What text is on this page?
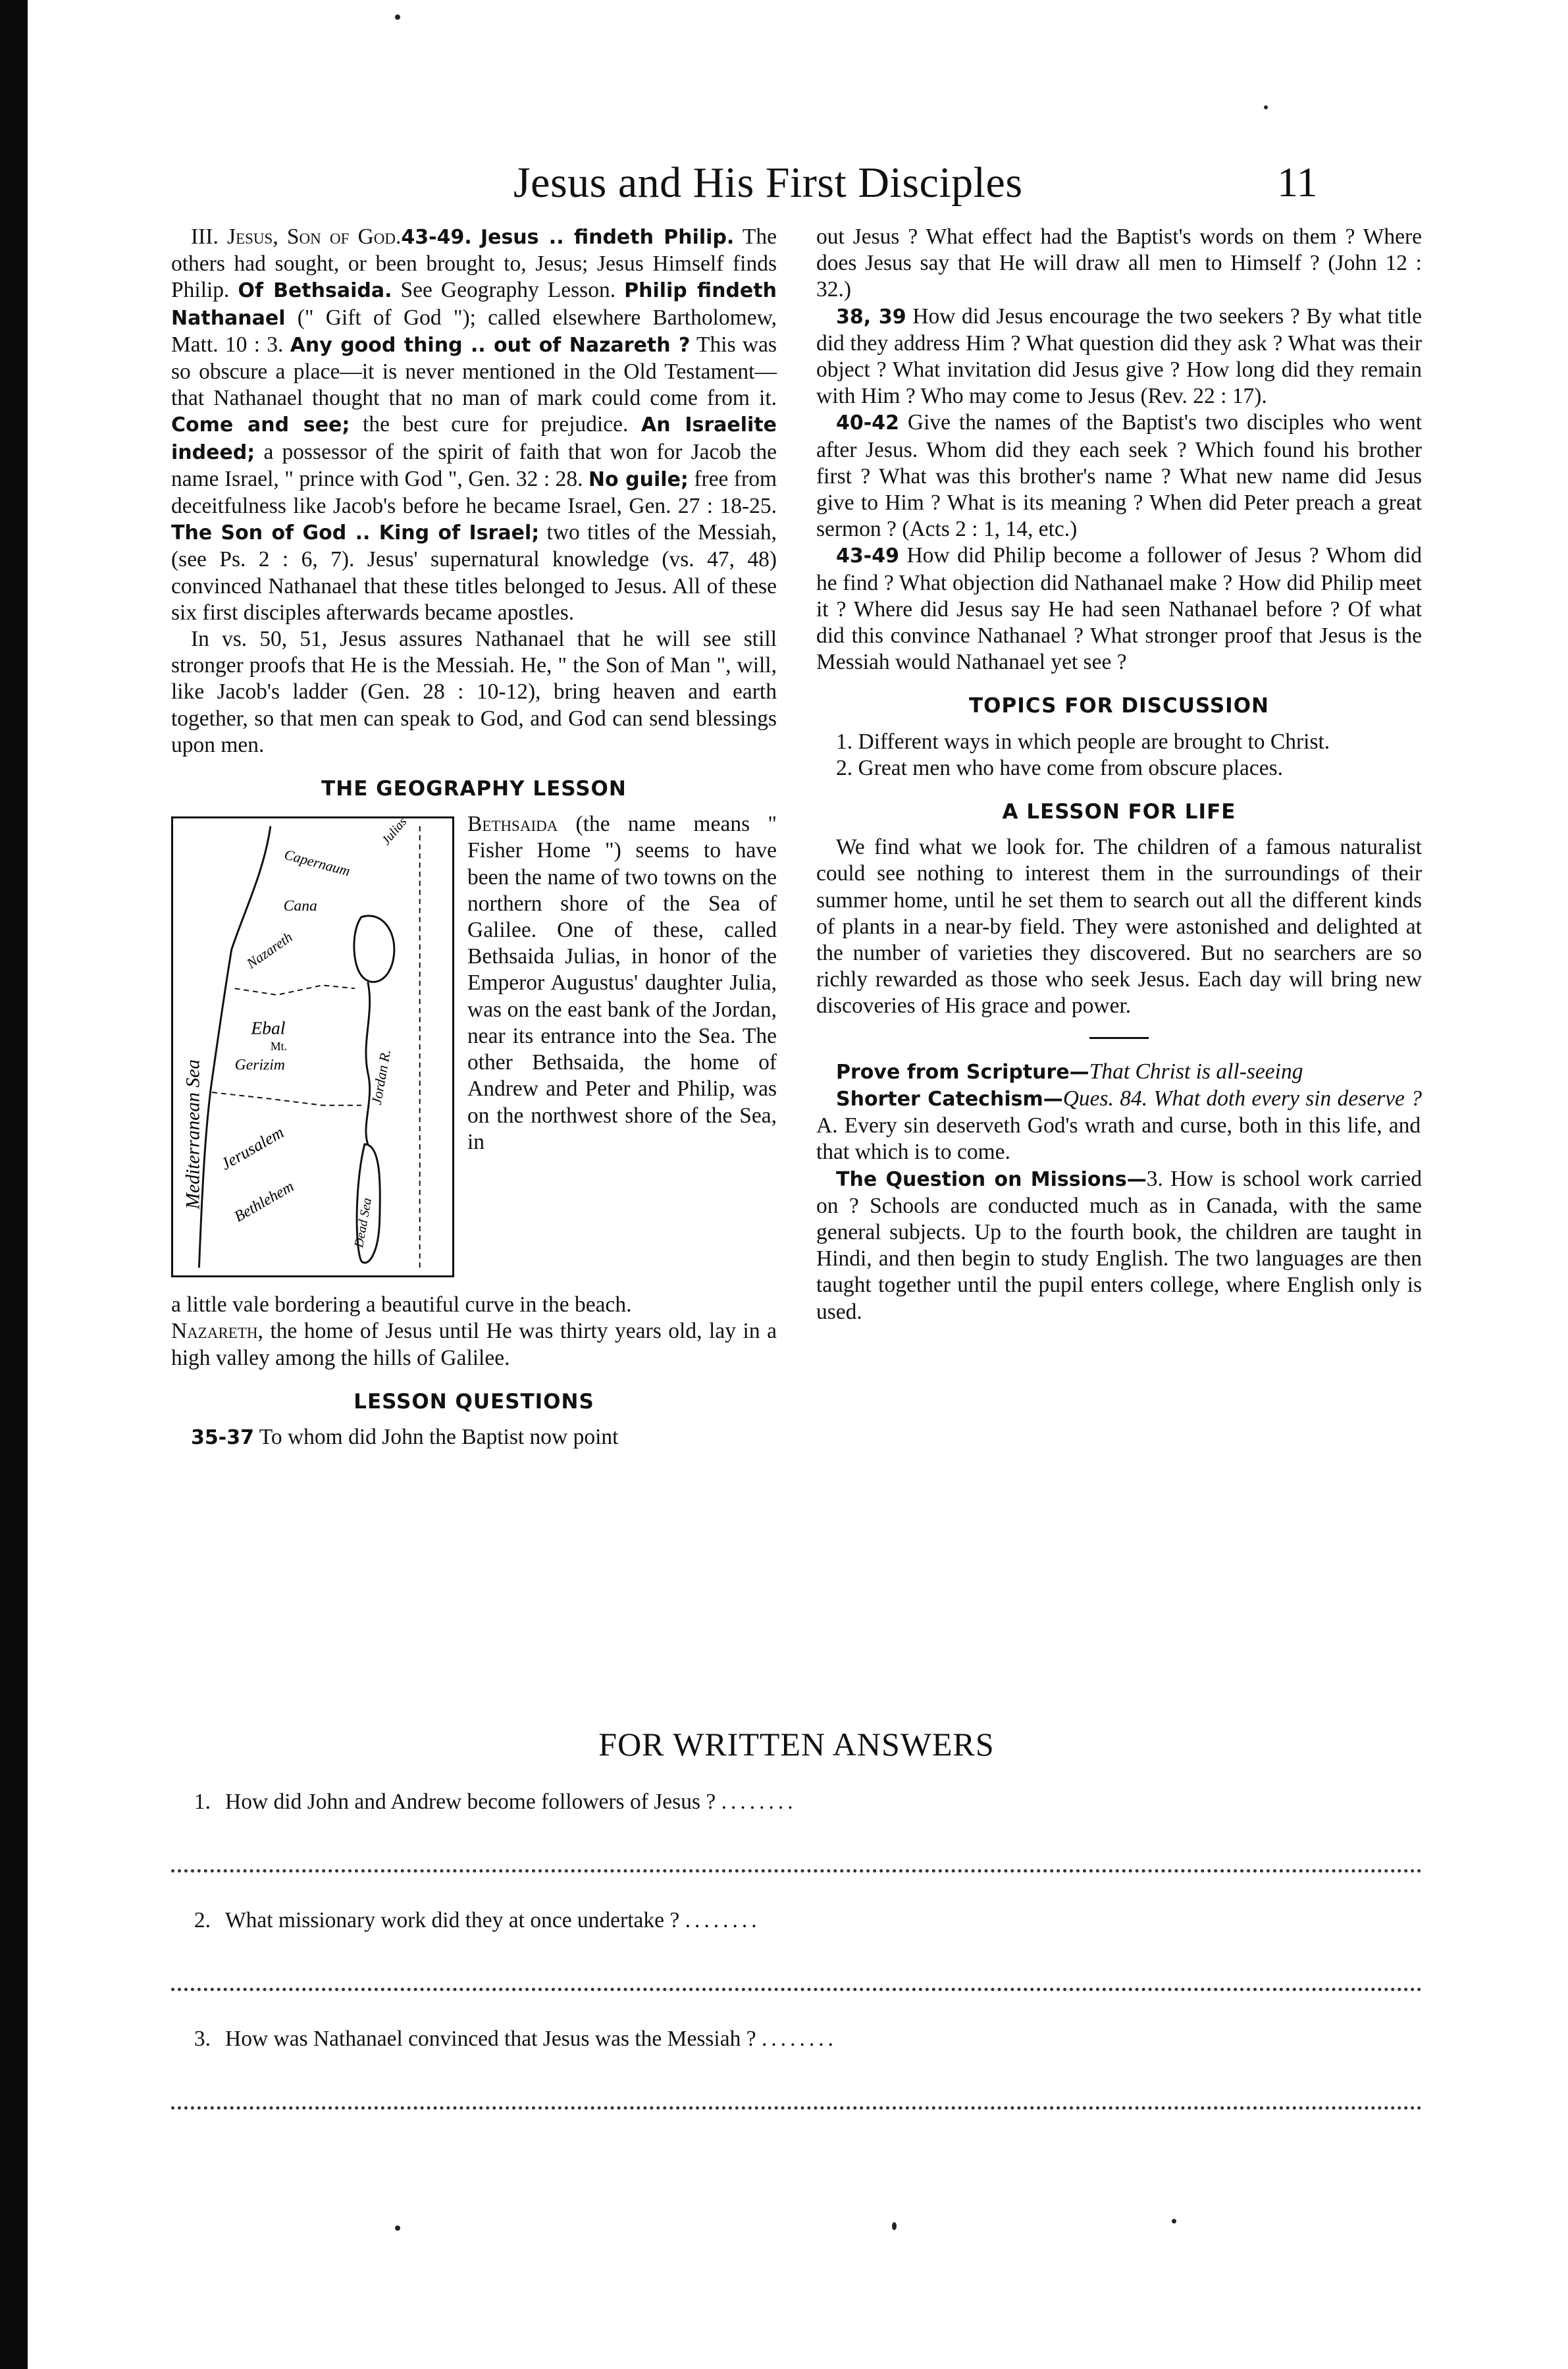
Jesus and His First Disciples	11

III. Jesus, Son of God.43-49. Jesus .. findeth Philip. The others had sought, or been brought to, Jesus; Jesus Himself finds Philip. Of Bethsaida. See Geography Lesson. Philip findeth Nathanael (" Gift of God "); called elsewhere Bartholomew, Matt. 10 : 3. Any good thing .. out of Nazareth ? This was so obscure a place—it is never mentioned in the Old Testament—that Nathanael thought that no man of mark could come from it. Come and see; the best cure for prejudice. An Israelite indeed; a possessor of the spirit of faith that won for Jacob the name Israel, " prince with God ", Gen. 32 : 28. No guile; free from deceitfulness like Jacob's before he became Israel, Gen. 27 : 18-25. The Son of God .. King of Israel; two titles of the Messiah, (see Ps. 2 : 6, 7). Jesus' supernatural knowledge (vs. 47, 48) convinced Nathanael that these titles belonged to Jesus. All of these six first disciples afterwards became apostles.

In vs. 50, 51, Jesus assures Nathanael that he will see still stronger proofs that He is the Messiah. He, " the Son of Man ", will, like Jacob's ladder (Gen. 28 : 10-12), bring heaven and earth together, so that men can speak to God, and God can send blessings upon men.

THE GEOGRAPHY LESSON
Mediterranean Sea
Capernaum
Julias
Cana
Nazareth
Ebal
Mt.
Gerizim	Jordan R.
Jerusalem
Bethlehem	Dead Sea
Bethsaida (the name means " Fisher Home ") seems to have been the name of two towns on the northern shore of the Sea of Galilee. One of these, called Bethsaida Julias, in honor of the Emperor Augustus' daughter Julia, was on the east bank of the Jordan, near its entrance into the Sea. The other Bethsaida, the home of Andrew and Peter and Philip, was on the northwest shore of the Sea, in

a little vale bordering a beautiful curve in the beach.

Nazareth, the home of Jesus until He was thirty years old, lay in a high valley among the hills of Galilee.

LESSON QUESTIONS

35-37 To whom did John the Baptist now point

out Jesus ? What effect had the Baptist's words on them ? Where does Jesus say that He will draw all men to Himself ? (John 12 : 32.)

38, 39 How did Jesus encourage the two seekers ? By what title did they address Him ? What question did they ask ? What was their object ? What invitation did Jesus give ? How long did they remain with Him ? Who may come to Jesus (Rev. 22 : 17).

40-42 Give the names of the Baptist's two disciples who went after Jesus. Whom did they each seek ? Which found his brother first ? What was this brother's name ? What new name did Jesus give to Him ? What is its meaning ? When did Peter preach a great sermon ? (Acts 2 : 1, 14, etc.)

43-49 How did Philip become a follower of Jesus ? Whom did he find ? What objection did Nathanael make ? How did Philip meet it ? Where did Jesus say He had seen Nathanael before ? Of what did this convince Nathanael ? What stronger proof that Jesus is the Messiah would Nathanael yet see ?

TOPICS FOR DISCUSSION

1. Different ways in which people are brought to Christ.

2. Great men who have come from obscure places.

A LESSON FOR LIFE

We find what we look for. The children of a famous naturalist could see nothing to interest them in the surroundings of their summer home, until he set them to search out all the different kinds of plants in a near-by field. They were astonished and delighted at the number of varieties they discovered. But no searchers are so richly rewarded as those who seek Jesus. Each day will bring new discoveries of His grace and power.

Prove from Scripture—That Christ is all-seeing

Shorter Catechism—Ques. 84. What doth every sin deserve ? A. Every sin deserveth God's wrath and curse, both in this life, and that which is to come.

The Question on Missions—3. How is school work carried on ? Schools are conducted much as in Canada, with the same general subjects. Up to the fourth book, the children are taught in Hindi, and then begin to study English. The two languages are then taught together until the pupil enters college, where English only is used.

FOR WRITTEN ANSWERS
1. How did John and Andrew become followers of Jesus ? ........
2. What missionary work did they at once undertake ? ........
3. How was Nathanael convinced that Jesus was the Messiah ? ........
